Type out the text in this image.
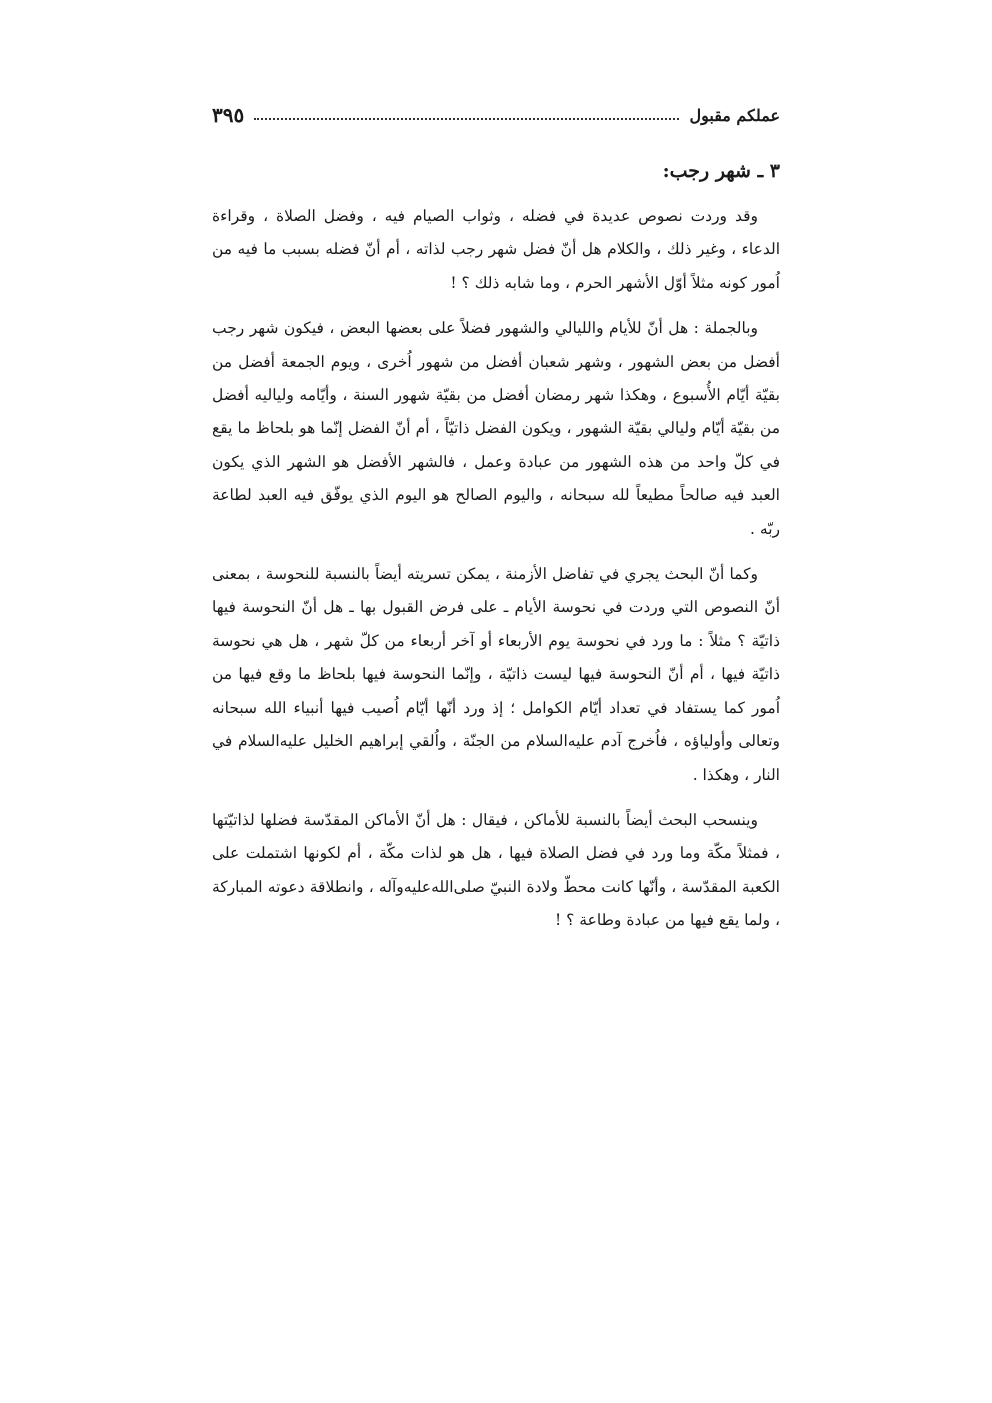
عملكم مقبول
٣٩٥
٣ ـ شهر رجب:

وقد وردت نصوص عديدة في فضله ، وثواب الصيام فيه ، وفضل الصلاة ، وقراءة الدعاء ، وغير ذلك ، والكلام هل أنّ فضل شهر رجب لذاته ، أم أنّ فضله بسبب ما فيه من اُمور كونه مثلاً أوّل الأشهر الحرم ، وما شابه ذلك ؟ !

وبالجملة : هل أنّ للأيام والليالي والشهور فضلاً على بعضها البعض ، فيكون شهر رجب أفضل من بعض الشهور ، وشهر شعبان أفضل من شهور اُخرى ، ويوم الجمعة أفضل من بقيّة أيّام الأُسبوع ، وهكذا شهر رمضان أفضل من بقيّة شهور السنة ، وأيّامه ولياليه أفضل من بقيّة أيّام وليالي بقيّة الشهور ، ويكون الفضل ذاتيّاً ، أم أنّ الفضل إنّما هو بلحاظ ما يقع في كلّ واحد من هذه الشهور من عبادة وعمل ، فالشهر الأفضل هو الشهر الذي يكون العبد فيه صالحاً مطيعاً لله سبحانه ، واليوم الصالح هو اليوم الذي يوفّق فيه العبد لطاعة ربّه .

وكما أنّ البحث يجري في تفاضل الأزمنة ، يمكن تسريته أيضاً بالنسبة للنحوسة ، بمعنى أنّ النصوص التي وردت في نحوسة الأيام ـ على فرض القبول بها ـ هل أنّ النحوسة فيها ذاتيّة ؟ مثلاً : ما ورد في نحوسة يوم الأربعاء أو آخر أربعاء من كلّ شهر ، هل هي نحوسة ذاتيّة فيها ، أم أنّ النحوسة فيها ليست ذاتيّة ، وإنّما النحوسة فيها بلحاظ ما وقع فيها من اُمور كما يستفاد في تعداد أيّام الكوامل ؛ إذ ورد أنّها أيّام اُصيب فيها أنبياء الله سبحانه وتعالى وأولياؤه ، فاُخرج آدم عليه‌السلام من الجنّة ، واُلقي إبراهيم الخليل عليه‌السلام في النار ، وهكذا .

وينسحب البحث أيضاً بالنسبة للأماكن ، فيقال : هل أنّ الأماكن المقدّسة فضلها لذاتيّتها ، فمثلاً مكّة وما ورد في فضل الصلاة فيها ، هل هو لذات مكّة ، أم لكونها اشتملت على الكعبة المقدّسة ، وأنّها كانت محطّ ولادة النبيّ صلى‌الله‌عليه‌وآله ، وانطلاقة دعوته المباركة ، ولما يقع فيها من عبادة وطاعة ؟ !
